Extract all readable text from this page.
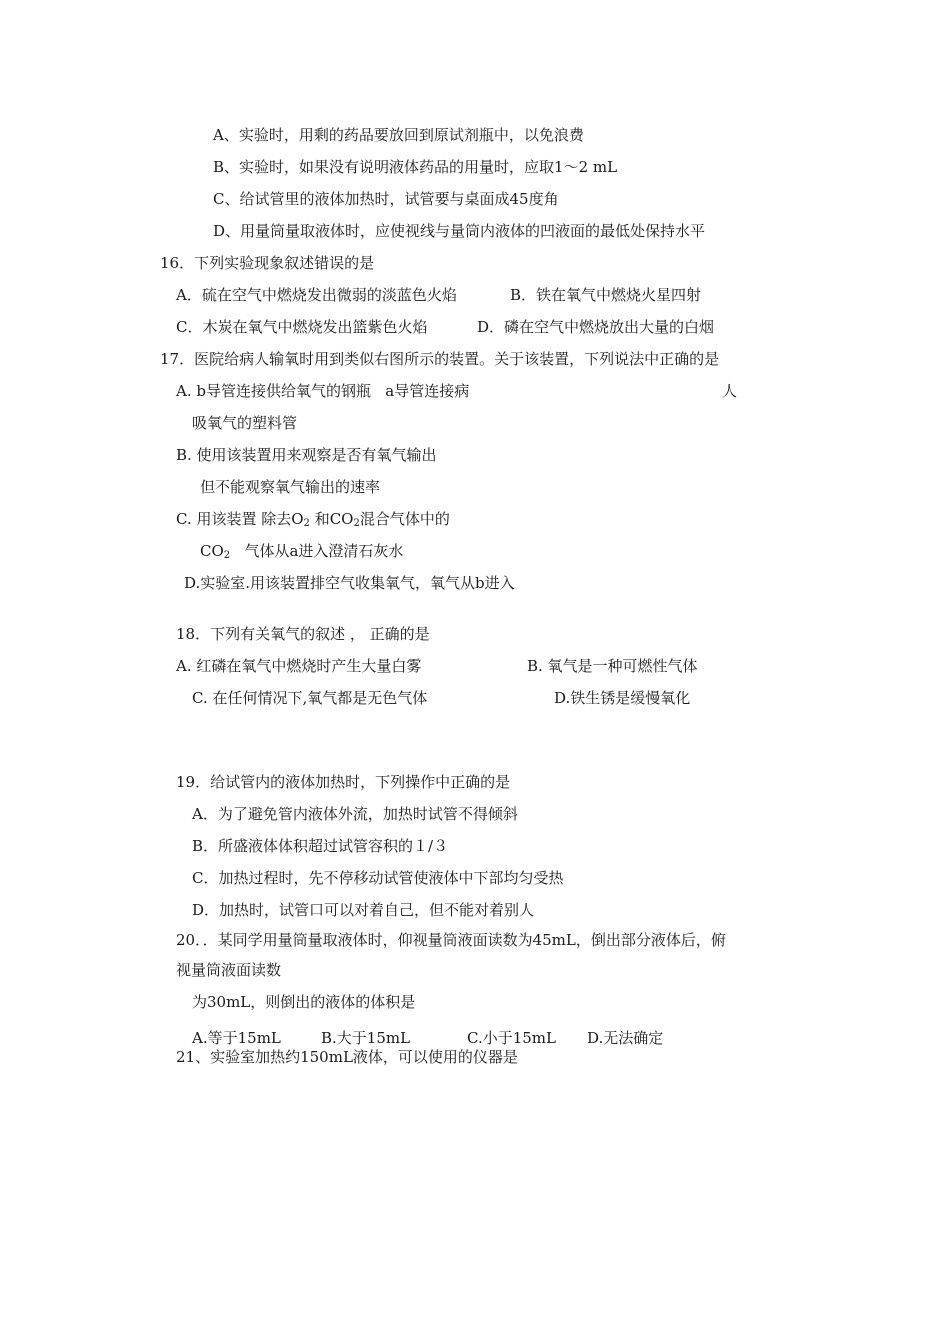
A、实验时，用剩的药品要放回到原试剂瓶中，以免浪费
B、实验时，如果没有说明液体药品的用量时，应取1～2 mL
C、给试管里的液体加热时，试管要与桌面成45度角
D、用量筒量取液体时，应使视线与量筒内液体的凹液面的最低处保持水平
16．下列实验现象叙述错误的是
A．硫在空气中燃烧发出微弱的淡蓝色火焰	B．铁在氧气中燃烧火星四射
C．木炭在氧气中燃烧发出篮紫色火焰	D．磷在空气中燃烧放出大量的白烟
17．医院给病人输氧时用到类似右图所示的装置。关于该装置，下列说法中正确的是
A. b导管连接供给氧气的钢瓶   a导管连接病	人
吸氧气的塑料管
B. 使用该装置用来观察是否有氧气输出
但不能观察氧气输出的速率
C. 用该装置 除去$O_2$ 和$CO_2$混合气体中的
$CO_2$   气体从a进入澄清石灰水
D.实验室.用该装置排空气收集氧气，氧气从b进入
18．下列有关氧气的叙述 ， 正确的是
A. 红磷在氧气中燃烧时产生大量白雾	B. 氧气是一种可燃性气体
C. 在任何情况下,氧气都是无色气体	D.铁生锈是缓慢氧化
19．给试管内的液体加热时，下列操作中正确的是
A．为了避免管内液体外流，加热时试管不得倾斜
B．所盛液体体积超过试管容积的１/３
C．加热过程时，先不停移动试管使液体中下部均匀受热
D．加热时，试管口可以对着自己，但不能对着别人
20．．某同学用量筒量取液体时，仰视量筒液面读数为45mL，倒出部分液体后，俯
视量筒液面读数
为30mL，则倒出的液体的体积是
A.等于15mL	B.大于15mL	C.小于15mL D.无法确定
21、实验室加热约150mL液体，可以使用的仪器是
